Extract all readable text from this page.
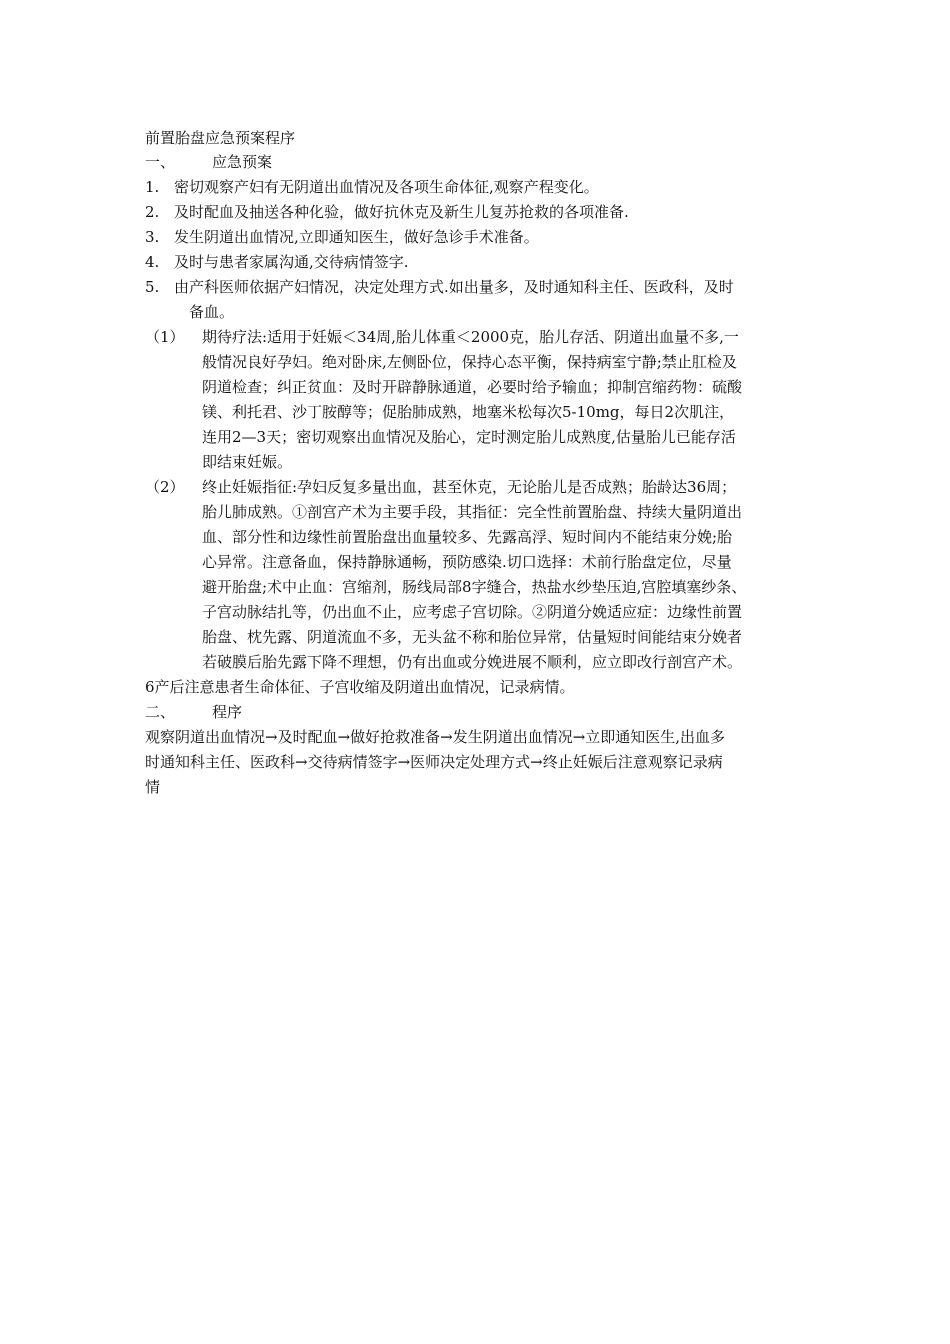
前置胎盘应急预案程序
一、 应急预案
1. 密切观察产妇有无阴道出血情况及各项生命体征,观察产程变化。
2. 及时配血及抽送各种化验，做好抗休克及新生儿复苏抢救的各项准备.
3. 发生阴道出血情况,立即通知医生，做好急诊手术准备。
4. 及时与患者家属沟通,交待病情签字.
5. 由产科医师依据产妇情况，决定处理方式.如出量多，及时通知科主任、医政科，及时
备血。
（1） 期待疗法:适用于妊娠＜34周,胎儿体重＜2000克，胎儿存活、阴道出血量不多,一
般情况良好孕妇。绝对卧床,左侧卧位，保持心态平衡，保持病室宁静;禁止肛检及
阴道检查；纠正贫血：及时开辟静脉通道，必要时给予输血；抑制宫缩药物：硫酸
镁、利托君、沙丁胺醇等；促胎肺成熟，地塞米松每次5-10mg，每日2次肌注，
连用2—3天；密切观察出血情况及胎心，定时测定胎儿成熟度,估量胎儿已能存活
即结束妊娠。
（2） 终止妊娠指征:孕妇反复多量出血，甚至休克，无论胎儿是否成熟；胎龄达36周；
胎儿肺成熟。①剖宫产术为主要手段，其指征：完全性前置胎盘、持续大量阴道出
血、部分性和边缘性前置胎盘出血量较多、先露高浮、短时间内不能结束分娩;胎
心异常。注意备血，保持静脉通畅，预防感染.切口选择：术前行胎盘定位，尽量
避开胎盘;术中止血：宫缩剂，肠线局部8字缝合，热盐水纱垫压迫,宫腔填塞纱条、
子宫动脉结扎等，仍出血不止，应考虑子宫切除。②阴道分娩适应症：边缘性前置
胎盘、枕先露、阴道流血不多，无头盆不称和胎位异常，估量短时间能结束分娩者
若破膜后胎先露下降不理想，仍有出血或分娩进展不顺利，应立即改行剖宫产术。
6产后注意患者生命体征、子宫收缩及阴道出血情况，记录病情。
二、 程序
观察阴道出血情况→及时配血→做好抢救准备→发生阴道出血情况→立即通知医生,出血多
时通知科主任、医政科→交待病情签字→医师决定处理方式→终止妊娠后注意观察记录病
情
